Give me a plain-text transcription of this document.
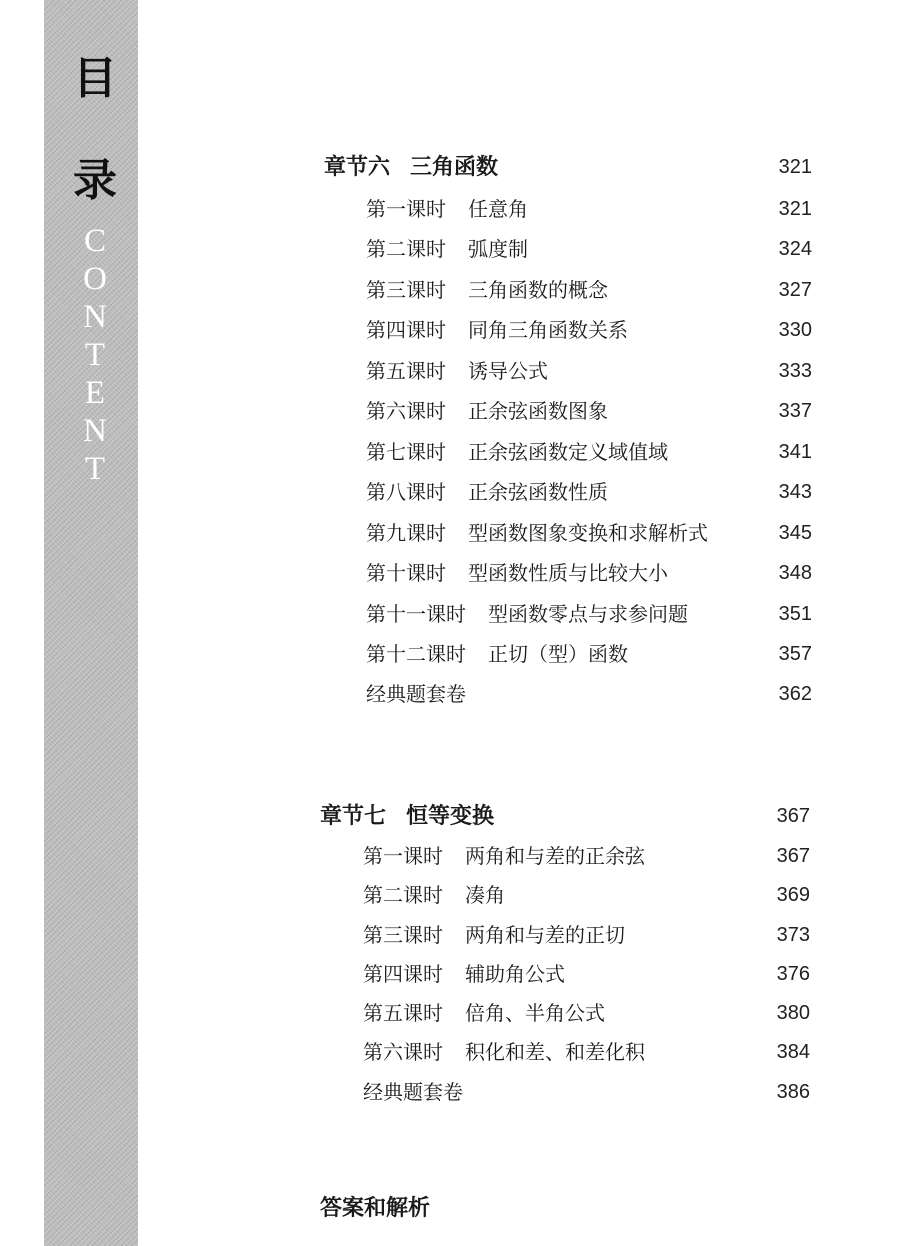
目
录
C
O
N
T
E
N
T
章节六 三角函数	321
第一课时 任意角	321
第二课时 弧度制	324
第三课时 三角函数的概念	327
第四课时 同角三角函数关系	330
第五课时 诱导公式	333
第六课时 正余弦函数图象	337
第七课时 正余弦函数定义域值域	341
第八课时 正余弦函数性质	343
第九课时 型函数图象变换和求解析式	345
第十课时 型函数性质与比较大小	348
第十一课时 型函数零点与求参问题	351
第十二课时 正切（型）函数	357
经典题套卷	362
章节七 恒等变换	367
第一课时 两角和与差的正余弦	367
第二课时 凑角	369
第三课时 两角和与差的正切	373
第四课时 辅助角公式	376
第五课时 倍角、半角公式	380
第六课时 积化和差、和差化积	384
经典题套卷	386
答案和解析
